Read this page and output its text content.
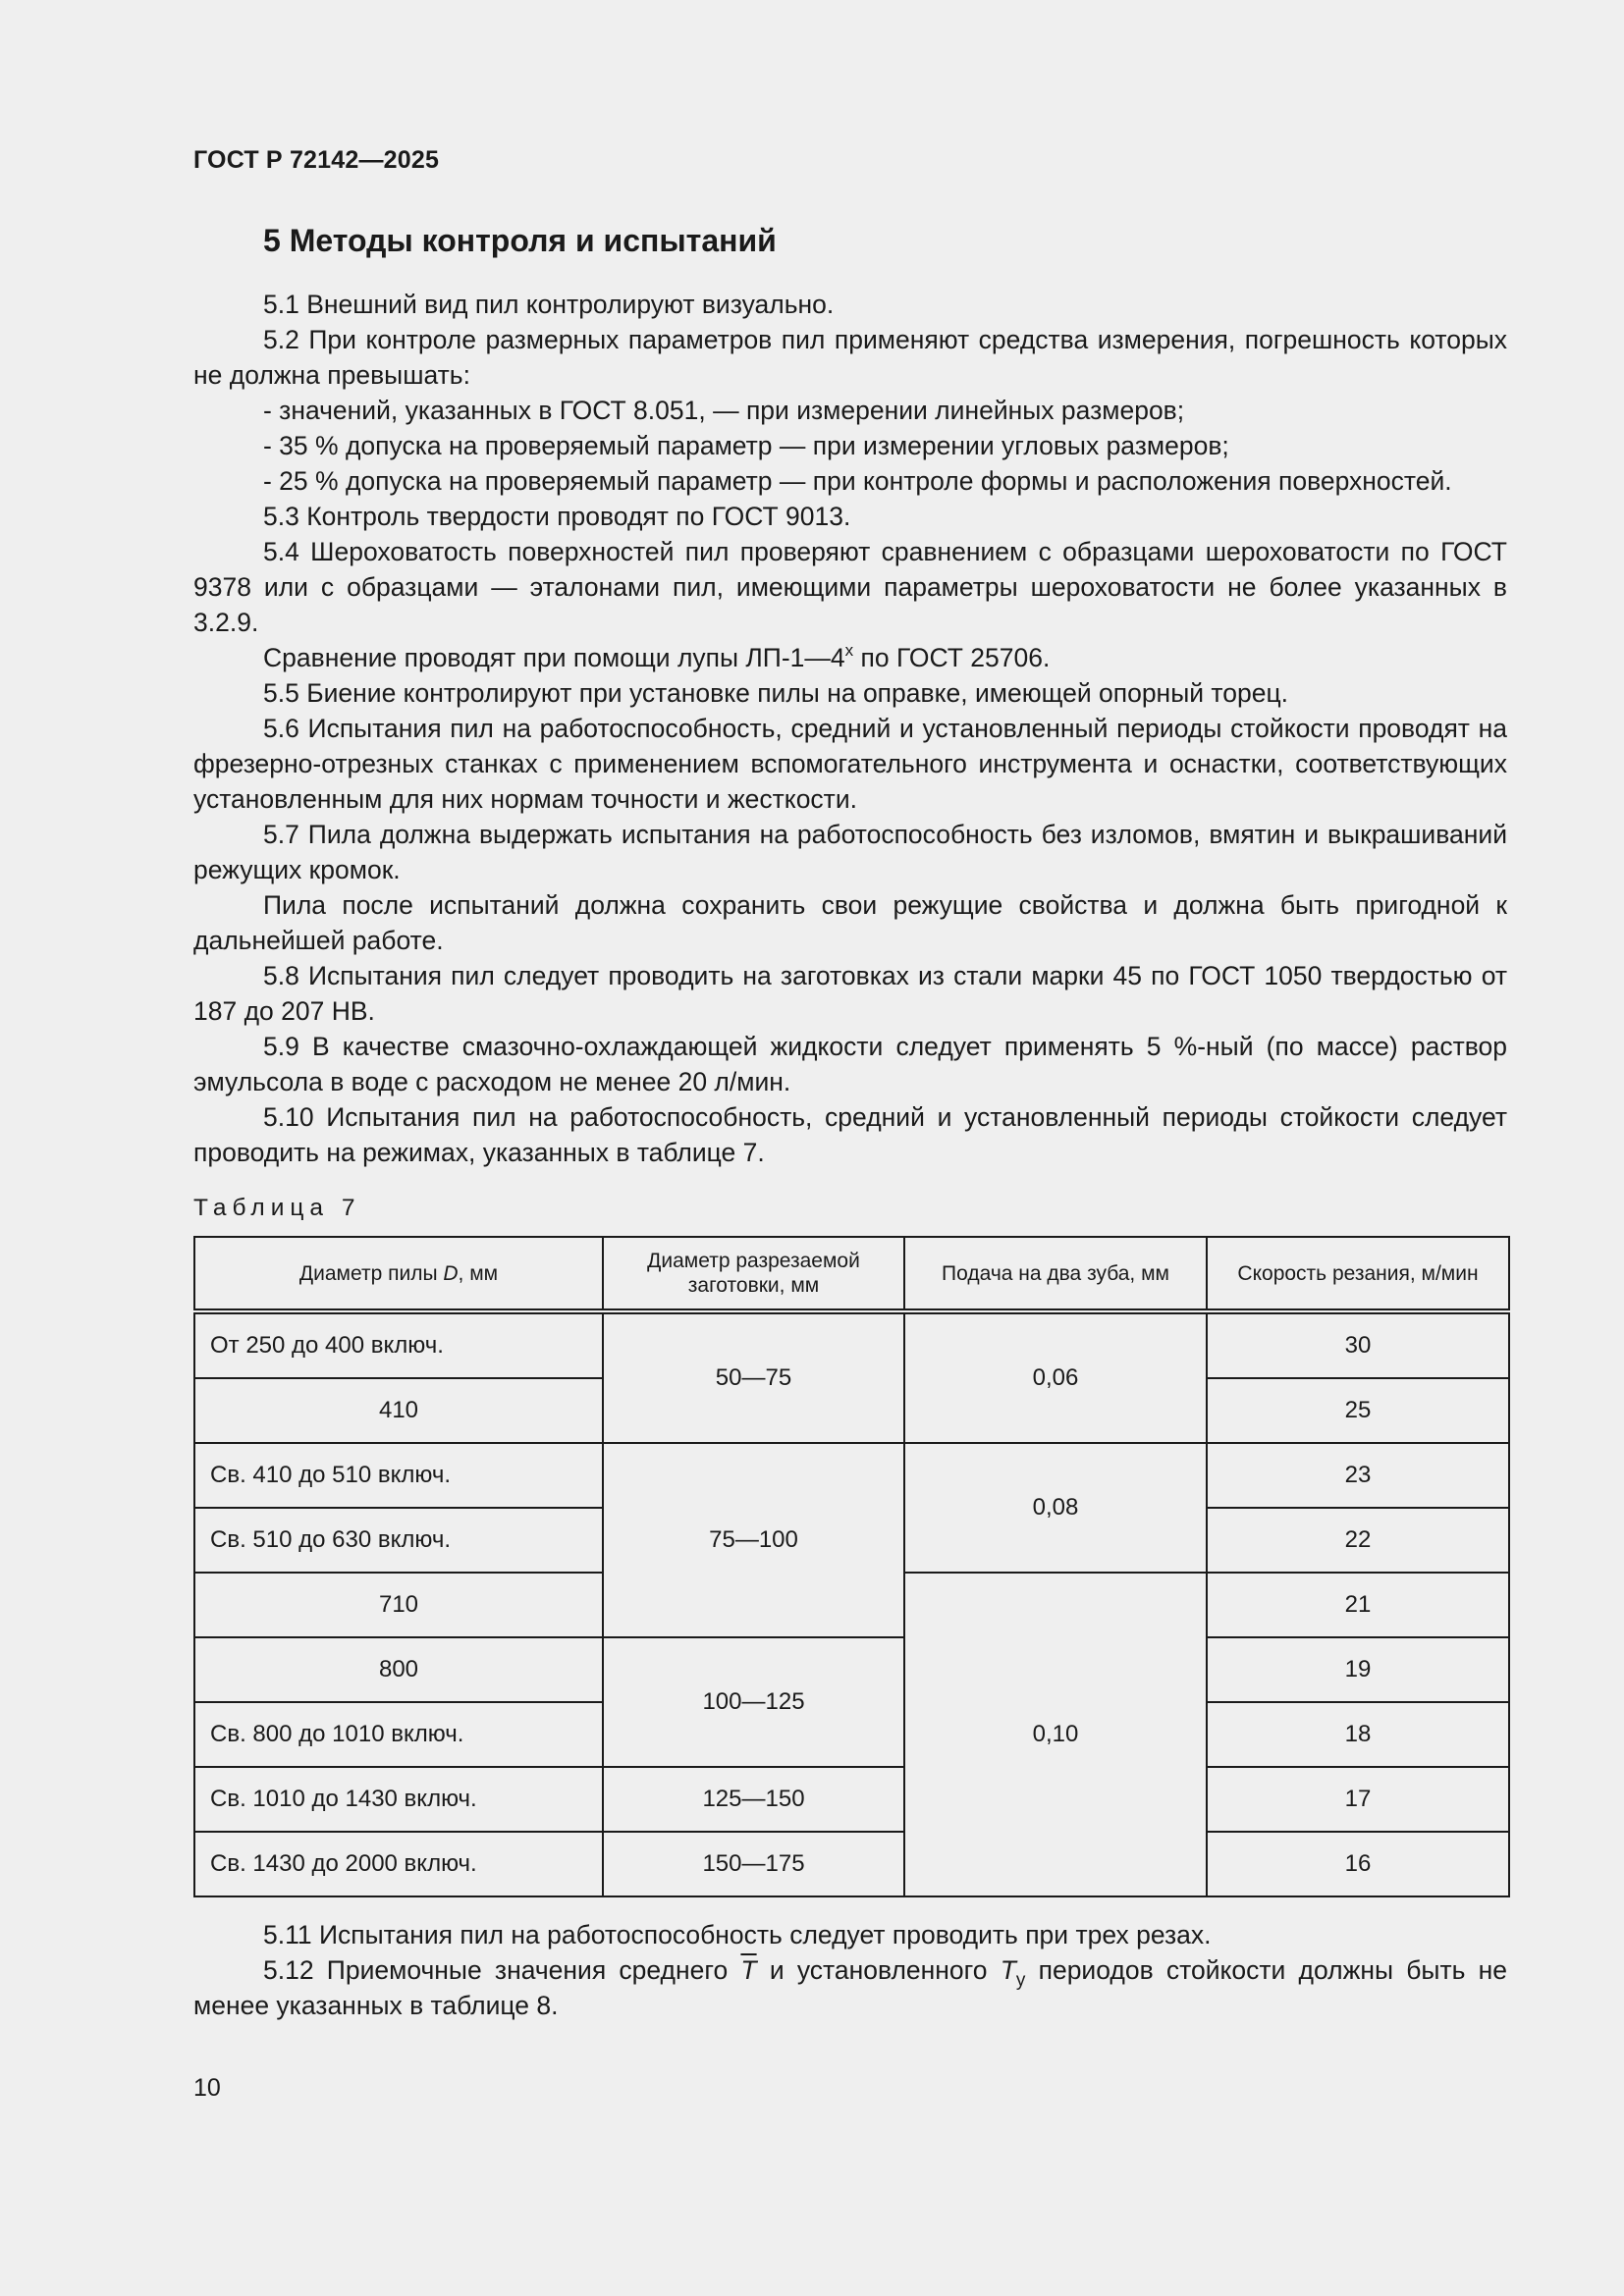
ГОСТ Р 72142—2025
5 Методы контроля и испытаний

5.1 Внешний вид пил контролируют визуально.

5.2 При контроле размерных параметров пил применяют средства измерения, погрешность которых не должна превышать:

- значений, указанных в ГОСТ 8.051, — при измерении линейных размеров;

- 35 % допуска на проверяемый параметр — при измерении угловых размеров;

- 25 % допуска на проверяемый параметр — при контроле формы и расположения поверхностей.

5.3 Контроль твердости проводят по ГОСТ 9013.

5.4 Шероховатость поверхностей пил проверяют сравнением с образцами шероховатости по ГОСТ 9378 или с образцами — эталонами пил, имеющими параметры шероховатости не более указанных в 3.2.9.

Сравнение проводят при помощи лупы $ЛП-1—4^х$ по ГОСТ 25706.

5.5 Биение контролируют при установке пилы на оправке, имеющей опорный торец.

5.6 Испытания пил на работоспособность, средний и установленный периоды стойкости проводят на фрезерно-отрезных станках с применением вспомогательного инструмента и оснастки, соответствующих установленным для них нормам точности и жесткости.

5.7 Пила должна выдержать испытания на работоспособность без изломов, вмятин и выкрашиваний режущих кромок.

Пила после испытаний должна сохранить свои режущие свойства и должна быть пригодной к дальнейшей работе.

5.8 Испытания пил следует проводить на заготовках из стали марки 45 по ГОСТ 1050 твердостью от 187 до 207 НВ.

5.9 В качестве смазочно-охлаждающей жидкости следует применять 5 %-ный (по массе) раствор эмульсола в воде с расходом не менее 20 л/мин.

5.10 Испытания пил на работоспособность, средний и установленный периоды стойкости следует проводить на режимах, указанных в таблице 7.

Таблица 7
Диаметр пилы D, мм	Диаметр разрезаемой заготовки, мм	Подача на два зуба, мм	Скорость резания, м/мин
От 250 до 400 включ.	50—75	0,06	30
410			25
Св. 410 до 510 включ.	75—100	0,08	23
Св. 510 до 630 включ.			22
710		0,10	21
800	100—125		19
Св. 800 до 1010 включ.			18
Св. 1010 до 1430 включ.	125—150		17
Св. 1430 до 2000 включ.	150—175		16

5.11 Испытания пил на работоспособность следует проводить при трех резах.

5.12 Приемочные значения среднего $\overline{T}$ и установленного $T_у$ периодов стойкости должны быть не менее указанных в таблице 8.

10
